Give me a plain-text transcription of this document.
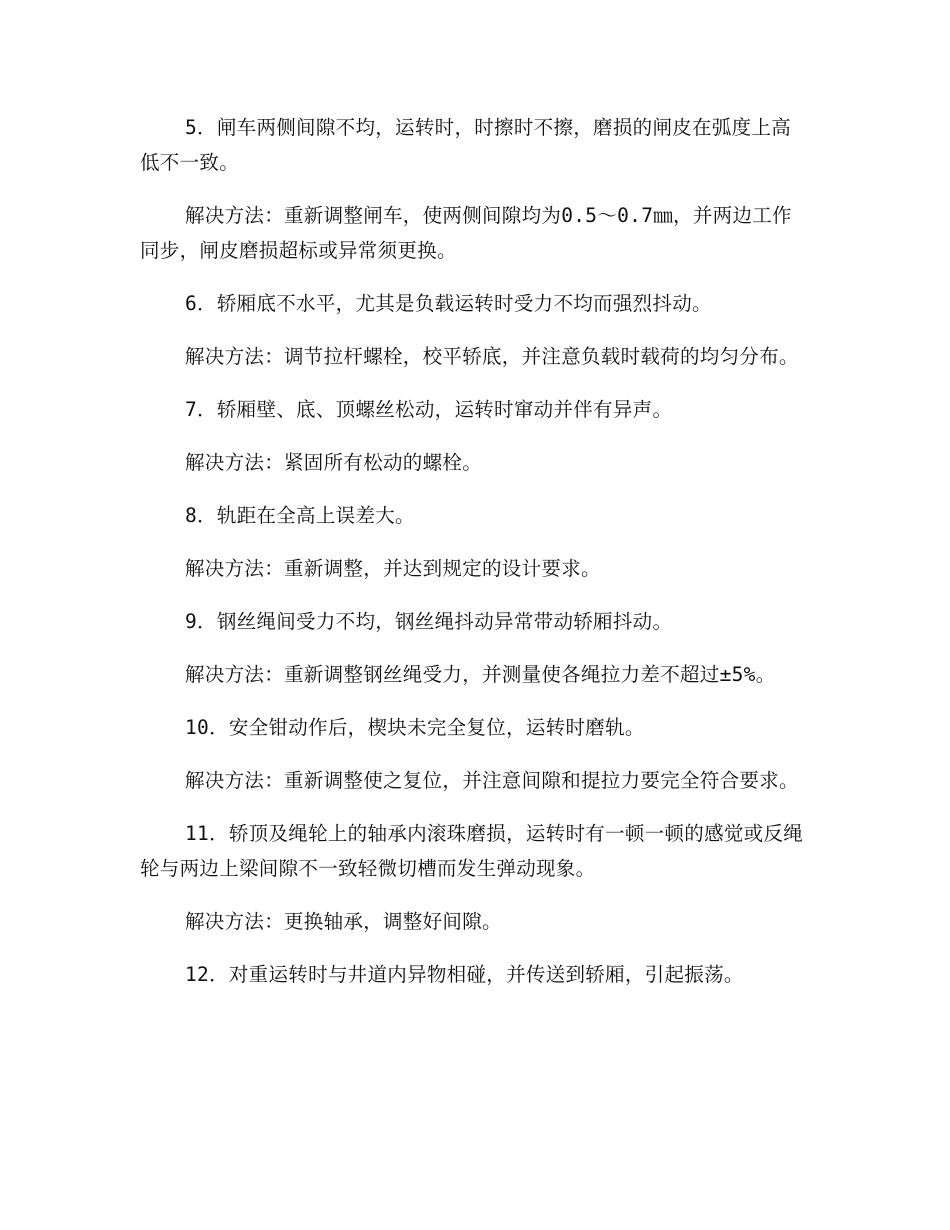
5．闸车两侧间隙不均，运转时，时擦时不擦，磨损的闸皮在弧度上高低不一致。

解决方法：重新调整闸车，使两侧间隙均为0.5～0.7㎜，并两边工作同步，闸皮磨损超标或异常须更换。

6．轿厢底不水平，尤其是负载运转时受力不均而强烈抖动。

解决方法：调节拉杆螺栓，校平轿底，并注意负载时载荷的均匀分布。

7．轿厢壁、底、顶螺丝松动，运转时窜动并伴有异声。

解决方法：紧固所有松动的螺栓。

8．轨距在全高上误差大。

解决方法：重新调整，并达到规定的设计要求。

9．钢丝绳间受力不均，钢丝绳抖动异常带动轿厢抖动。

解决方法：重新调整钢丝绳受力，并测量使各绳拉力差不超过±5%。

10．安全钳动作后，楔块未完全复位，运转时磨轨。

解决方法：重新调整使之复位，并注意间隙和提拉力要完全符合要求。

11．轿顶及绳轮上的轴承内滚珠磨损，运转时有一顿一顿的感觉或反绳轮与两边上梁间隙不一致轻微切槽而发生弹动现象。

解决方法：更换轴承，调整好间隙。

12．对重运转时与井道内异物相碰，并传送到轿厢，引起振荡。
